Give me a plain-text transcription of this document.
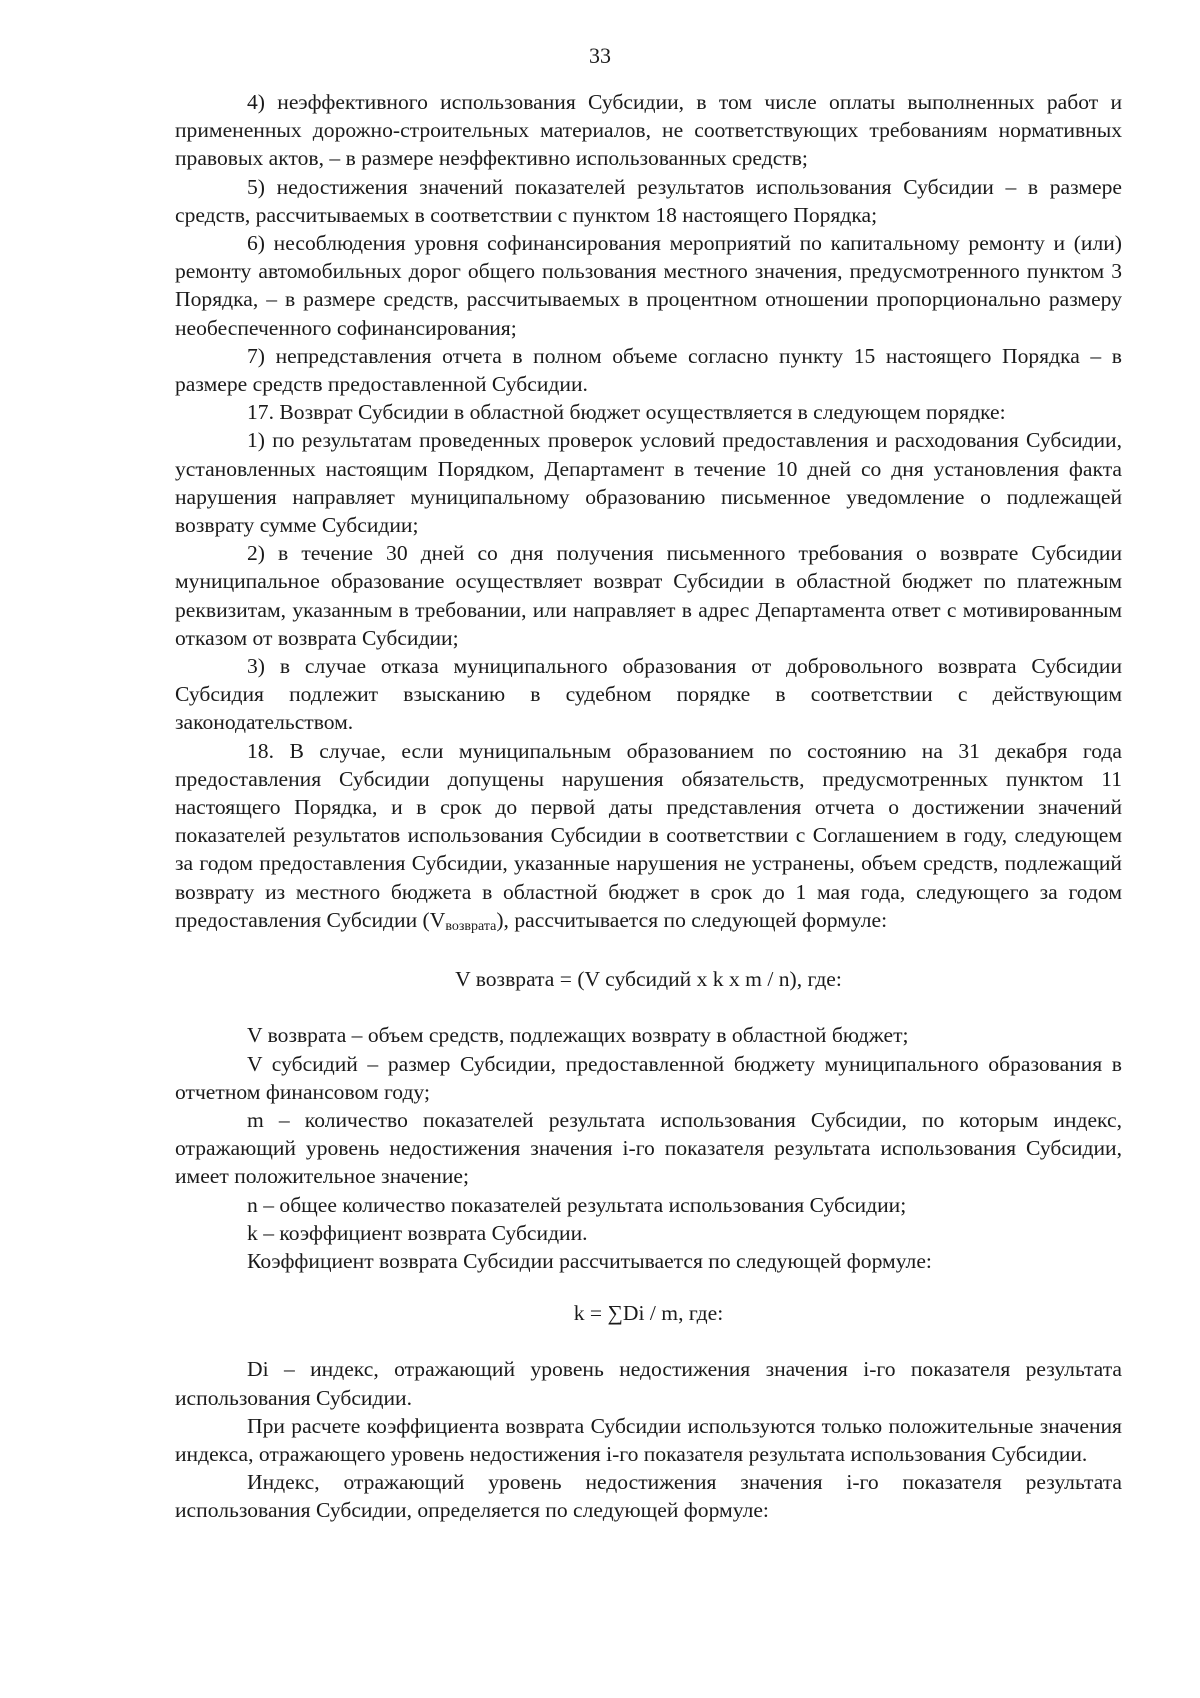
33

4) неэффективного использования Субсидии, в том числе оплаты выполненных работ и примененных дорожно-строительных материалов, не соответствующих требованиям нормативных правовых актов, – в размере неэффективно использованных средств;

5) недостижения значений показателей результатов использования Субсидии – в размере средств, рассчитываемых в соответствии с пунктом 18 настоящего Порядка;

6) несоблюдения уровня софинансирования мероприятий по капитальному ремонту и (или) ремонту автомобильных дорог общего пользования местного значения, предусмотренного пунктом 3 Порядка, – в размере средств, рассчитываемых в процентном отношении пропорционально размеру необеспеченного софинансирования;

7) непредставления отчета в полном объеме согласно пункту 15 настоящего Порядка – в размере средств предоставленной Субсидии.

17. Возврат Субсидии в областной бюджет осуществляется в следующем порядке:

1) по результатам проведенных проверок условий предоставления и расходования Субсидии, установленных настоящим Порядком, Департамент в течение 10 дней со дня установления факта нарушения направляет муниципальному образованию письменное уведомление о подлежащей возврату сумме Субсидии;

2) в течение 30 дней со дня получения письменного требования о возврате Субсидии муниципальное образование осуществляет возврат Субсидии в областной бюджет по платежным реквизитам, указанным в требовании, или направляет в адрес Департамента ответ с мотивированным отказом от возврата Субсидии;

3) в случае отказа муниципального образования от добровольного возврата Субсидии Субсидия подлежит взысканию в судебном порядке в соответствии с действующим законодательством.

18. В случае, если муниципальным образованием по состоянию на 31 декабря года предоставления Субсидии допущены нарушения обязательств, предусмотренных пунктом 11 настоящего Порядка, и в срок до первой даты представления отчета о достижении значений показателей результатов использования Субсидии в соответствии с Соглашением в году, следующем за годом предоставления Субсидии, указанные нарушения не устранены, объем средств, подлежащий возврату из местного бюджета в областной бюджет в срок до 1 мая года, следующего за годом предоставления Субсидии $(V_{возврата})$, рассчитывается по следующей формуле:

V возврата = (V субсидий x k x m / n), где:

V возврата – объем средств, подлежащих возврату в областной бюджет;

V субсидий – размер Субсидии, предоставленной бюджету муниципального образования в отчетном финансовом году;

m – количество показателей результата использования Субсидии, по которым индекс, отражающий уровень недостижения значения i-го показателя результата использования Субсидии, имеет положительное значение;

n – общее количество показателей результата использования Субсидии;

k – коэффициент возврата Субсидии.

Коэффициент возврата Субсидии рассчитывается по следующей формуле:

k = ∑Di / m, где:

Di – индекс, отражающий уровень недостижения значения i-го показателя результата использования Субсидии.

При расчете коэффициента возврата Субсидии используются только положительные значения индекса, отражающего уровень недостижения i-го показателя результата использования Субсидии.

Индекс, отражающий уровень недостижения значения i-го показателя результата использования Субсидии, определяется по следующей формуле:
